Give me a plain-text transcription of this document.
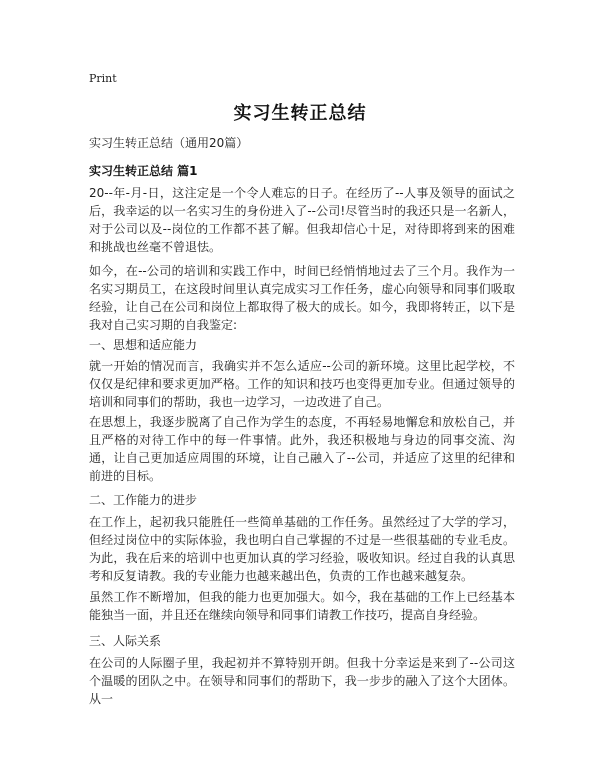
Print
实习生转正总结
实习生转正总结（通用20篇）
实习生转正总结 篇1

20--年-月-日，这注定是一个令人难忘的日子。在经历了--人事及领导的面试之后，我幸运的以一名实习生的身份进入了--公司!尽管当时的我还只是一名新人，对于公司以及--岗位的工作都不甚了解。但我却信心十足，对待即将到来的困难和挑战也丝毫不曾退怯。

如今，在--公司的培训和实践工作中，时间已经悄悄地过去了三个月。我作为一名实习期员工，在这段时间里认真完成实习工作任务，虚心向领导和同事们吸取经验，让自己在公司和岗位上都取得了极大的成长。如今，我即将转正，以下是我对自己实习期的自我鉴定:

一、思想和适应能力

就一开始的情况而言，我确实并不怎么适应--公司的新环境。这里比起学校，不仅仅是纪律和要求更加严格。工作的知识和技巧也变得更加专业。但通过领导的培训和同事们的帮助，我也一边学习，一边改进了自己。

在思想上，我逐步脱离了自己作为学生的态度，不再轻易地懈怠和放松自己，并且严格的对待工作中的每一件事情。此外，我还积极地与身边的同事交流、沟通，让自己更加适应周围的环境，让自己融入了--公司，并适应了这里的纪律和前进的目标。

二、工作能力的进步

在工作上，起初我只能胜任一些简单基础的工作任务。虽然经过了大学的学习，但经过岗位中的实际体验，我也明白自己掌握的不过是一些很基础的专业毛皮。为此，我在后来的培训中也更加认真的学习经验，吸收知识。经过自我的认真思考和反复请教。我的专业能力也越来越出色，负责的工作也越来越复杂。

虽然工作不断增加，但我的能力也更加强大。如今，我在基础的工作上已经基本能独当一面，并且还在继续向领导和同事们请教工作技巧，提高自身经验。

三、人际关系

在公司的人际圈子里，我起初并不算特别开朗。但我十分幸运是来到了--公司这个温暖的团队之中。在领导和同事们的帮助下，我一步步的融入了这个大团体。从一
